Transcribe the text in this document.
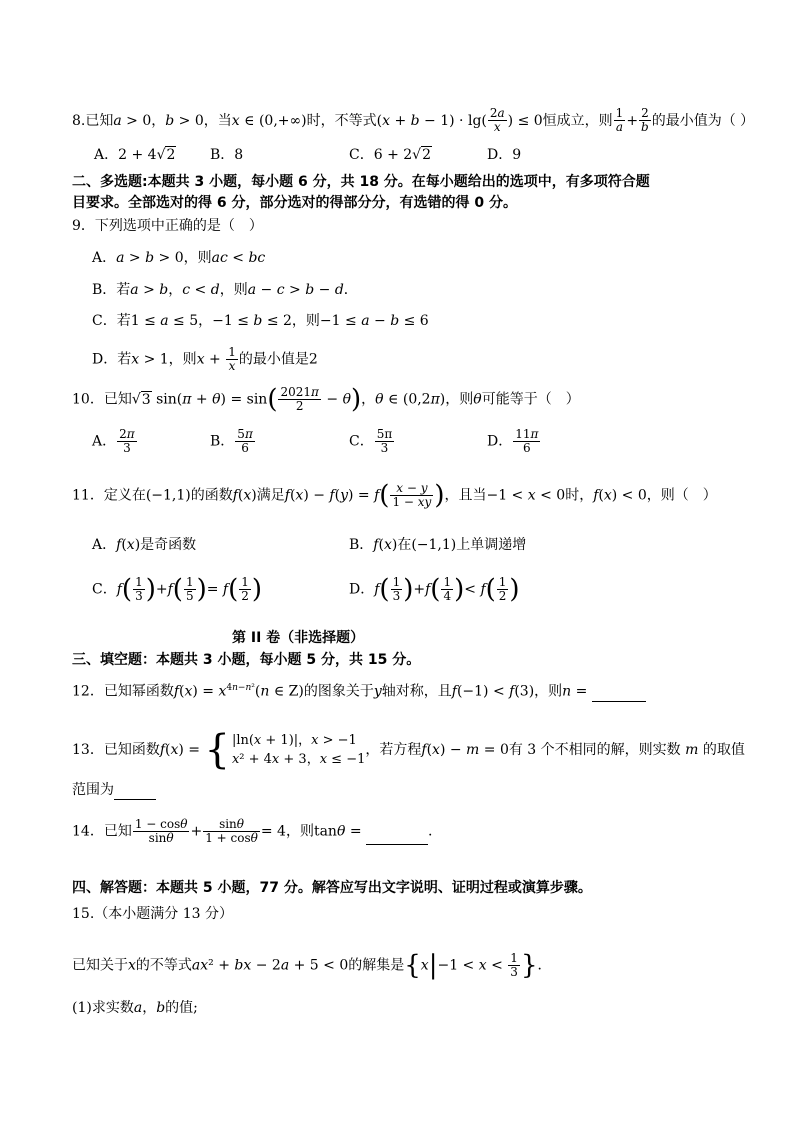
8.已知a > 0，b > 0，当x ∈ (0,+∞)时，不等式$(x + b - 1) \cdot \lg( \frac{2a}{x}$ ) ≤ 0恒成立，则 $\frac{1}{a} + \frac{2}{b}$ 的最小值为（ ）
A．2 + 4√2 B．8	C．6 + 2√2	D．9
二、多选题:本题共 3 小题，每小题 6 分，共 18 分。在每小题给出的选项中，有多项符合题
目要求。全部选对的得 6 分，部分选对的得部分分，有选错的得 0 分。
9．下列选项中正确的是（　）
A．a > b > 0，则ac < bc
B．若a > b，c < d，则a − c > b − d．
C．若1 ≤ a ≤ 5，−1 ≤ b ≤ 2，则−1 ≤ a − b ≤ 6
D．若x > 1，则$x + \frac{1}{x}$ 的最小值是2
10．已知√3 $\sin(\pi + \theta) = \sin( \frac{2021\pi}{2} - \theta)$，θ ∈ (0,2π)，则θ可能等于（　）
A． $\frac{2\pi}{3}$	B． $\frac{5\pi}{6}$	C． $\frac{5\pi}{3}$	D． $\frac{11\pi}{6}$
11．定义在(−1,1)的函数f(x)满足$f(x) - f(y) = f( \frac{x - y}{1 - xy}$ )，且当−1 < x < 0时，f(x) < 0，则（　）
A．f(x)是奇函数	B．f(x)在(−1,1)上单调递增
C．$f( \frac{1}{3} )+f( \frac{1}{5}$ )= $f( \frac{1}{2}$ )	D．$f( \frac{1}{3} )+f( \frac{1}{4}$ )< $f( \frac{1}{2}$ )
第 II 卷（非选择题）
三、填空题：本题共 3 小题，每小题 5 分，共 15 分。
12．已知幂函数$f(x) = x^{4n-n^2}(n$ ∈ Z)的图象关于y轴对称，且f(−1) < f(3)，则n =
13．已知函数f(x) = { |ln(x + 1)|，x > −1
x² + 4x + 3，x ≤ −1，若方程f(x) − m = 0有 3 个不相同的解，则实数 m 的取值
范围为
14．已知 $\frac{1 - \cos\theta}{\sin\theta} + \frac{\sin\theta}{1 + \cos\theta} = 4$，则tanθ =	.
四、解答题：本题共 5 小题，77 分。解答应写出文字说明、证明过程或演算步骤。
15.（本小题满分 13 分）
已知关于x的不等式ax² + bx − 2a + 5 < 0的解集是{$x|-1 < x < \frac{1}{3}$ }．
(1)求实数a，b的值;
